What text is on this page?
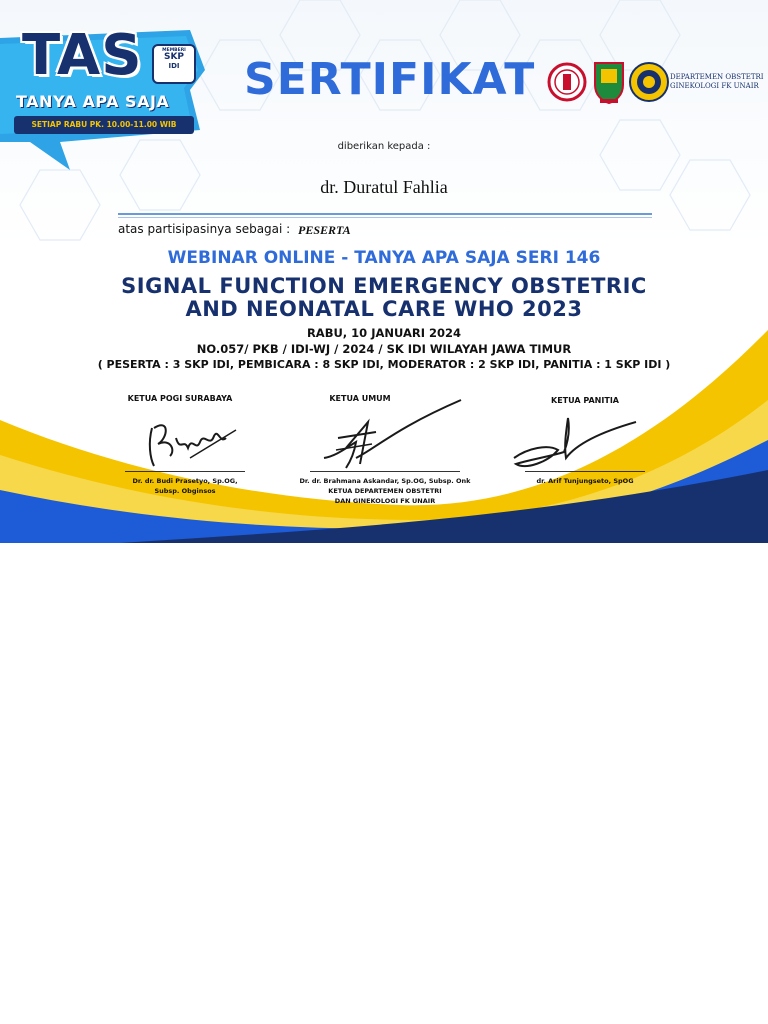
TAS
TANYA APA SAJA
SETIAP RABU PK. 10.00-11.00 WIB
MEMBERI
SKP
IDI	SERTIFIKAT	DEPARTEMEN OBSTETRI
GINEKOLOGI FK UNAIR
diberikan kepada :
dr. Duratul Fahlia
atas partisipasinya sebagai : PESERTA
WEBINAR ONLINE - TANYA APA SAJA SERI 146
SIGNAL FUNCTION EMERGENCY OBSTETRIC
AND NEONATAL CARE WHO 2023
RABU, 10 JANUARI 2024
NO.057/ PKB / IDI-WJ / 2024 / SK IDI WILAYAH JAWA TIMUR
( PESERTA : 3 SKP IDI, PEMBICARA : 8 SKP IDI, MODERATOR : 2 SKP IDI, PANITIA : 1 SKP IDI )
KETUA POGI SURABAYA
Dr. dr. Budi Prasetyo, Sp.OG,
Subsp. Obginsos
KETUA UMUM
Dr. dr. Brahmana Askandar, Sp.OG, Subsp. Onk
KETUA DEPARTEMEN OBSTETRI
DAN GINEKOLOGI FK UNAIR
KETUA PANITIA
dr. Arif Tunjungseto, SpOG
